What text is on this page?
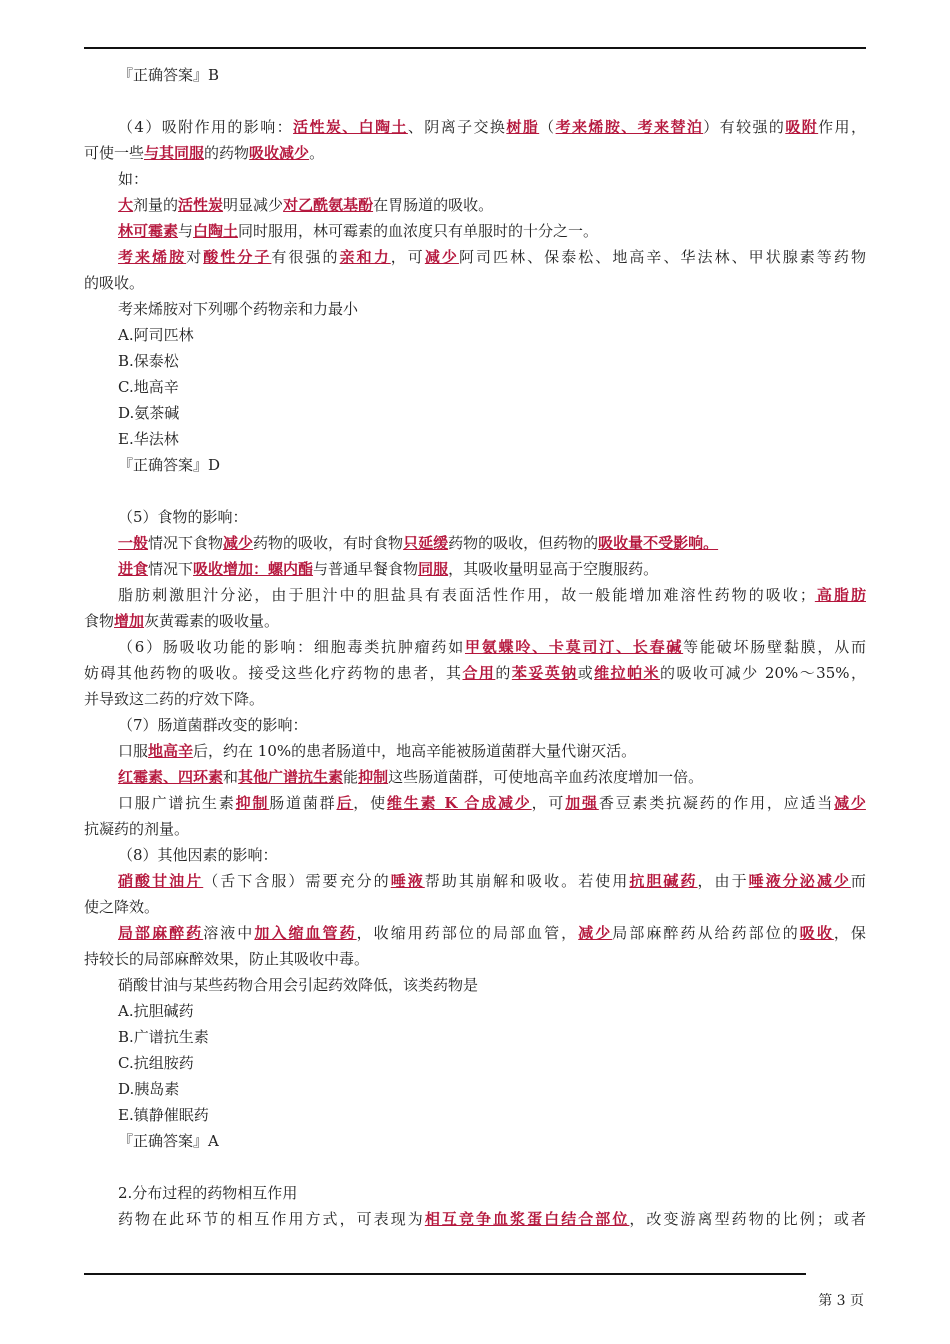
『正确答案』B
（4）吸附作用的影响：活性炭、白陶土、阴离子交换树脂（考来烯胺、考来替泊）有较强的吸附作用，
可使一些与其同服的药物吸收减少。
如：
大剂量的活性炭明显减少对乙酰氨基酚在胃肠道的吸收。
林可霉素与白陶土同时服用，林可霉素的血浓度只有单服时的十分之一。
考来烯胺对酸性分子有很强的亲和力，可减少阿司匹林、保泰松、地高辛、华法林、甲状腺素等药物
的吸收。
考来烯胺对下列哪个药物亲和力最小
A.阿司匹林
B.保泰松
C.地高辛
D.氨茶碱
E.华法林
『正确答案』D
（5）食物的影响：
一般情况下食物减少药物的吸收，有时食物只延缓药物的吸收，但药物的吸收量不受影响。
进食情况下吸收增加：螺内酯与普通早餐食物同服，其吸收量明显高于空腹服药。
脂肪刺激胆汁分泌，由于胆汁中的胆盐具有表面活性作用，故一般能增加难溶性药物的吸收；高脂肪
食物增加灰黄霉素的吸收量。
（6）肠吸收功能的影响：细胞毒类抗肿瘤药如甲氨蝶呤、卡莫司汀、长春碱等能破坏肠壁黏膜，从而
妨碍其他药物的吸收。接受这些化疗药物的患者，其合用的苯妥英钠或维拉帕米的吸收可减少 20%～35%，
并导致这二药的疗效下降。
（7）肠道菌群改变的影响：
口服地高辛后，约在 10%的患者肠道中，地高辛能被肠道菌群大量代谢灭活。
红霉素、四环素和其他广谱抗生素能抑制这些肠道菌群，可使地高辛血药浓度增加一倍。
口服广谱抗生素抑制肠道菌群后，使维生素 K 合成减少，可加强香豆素类抗凝药的作用，应适当减少
抗凝药的剂量。
（8）其他因素的影响：
硝酸甘油片（舌下含服）需要充分的唾液帮助其崩解和吸收。若使用抗胆碱药，由于唾液分泌减少而
使之降效。
局部麻醉药溶液中加入缩血管药，收缩用药部位的局部血管，减少局部麻醉药从给药部位的吸收，保
持较长的局部麻醉效果，防止其吸收中毒。
硝酸甘油与某些药物合用会引起药效降低，该类药物是
A.抗胆碱药
B.广谱抗生素
C.抗组胺药
D.胰岛素
E.镇静催眠药
『正确答案』A
2.分布过程的药物相互作用
药物在此环节的相互作用方式，可表现为相互竞争血浆蛋白结合部位，改变游离型药物的比例；或者
第 3 页
